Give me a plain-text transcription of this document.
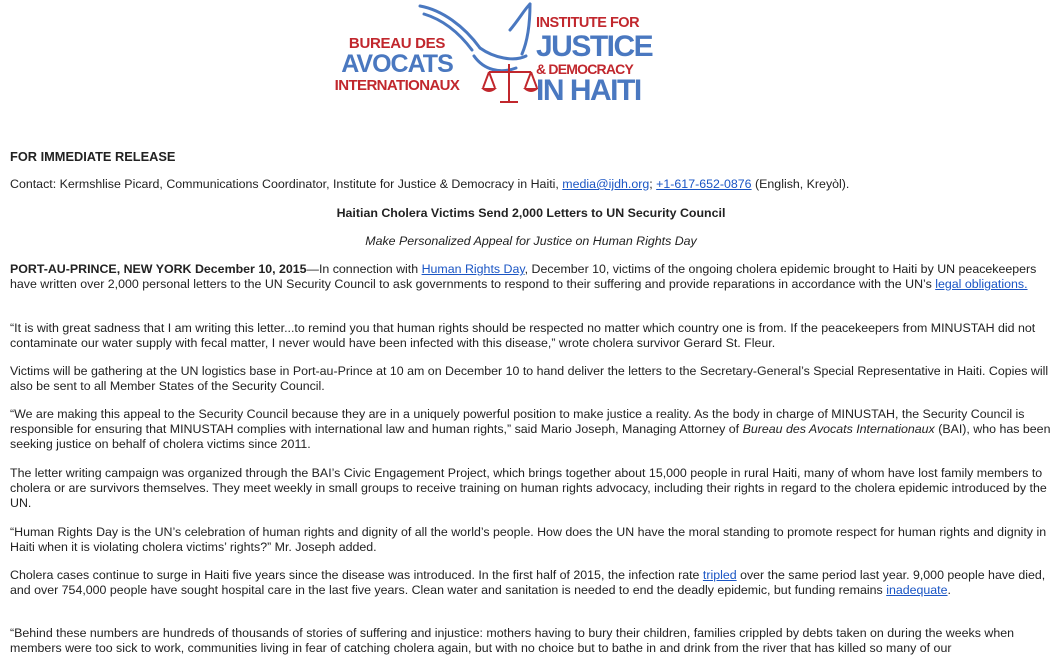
BUREAU DES
AVOCATS
INTERNATIONAUX
INSTITUTE FOR
JUSTICE
& DEMOCRACY
IN HAITI
FOR IMMEDIATE RELEASE
Contact: Kermshlise Picard, Communications Coordinator, Institute for Justice & Democracy in Haiti, media@ijdh.org; +1-617-652-0876 (English, Kreyòl).
Haitian Cholera Victims Send 2,000 Letters to UN Security Council
Make Personalized Appeal for Justice on Human Rights Day

PORT-AU-PRINCE, NEW YORK December 10, 2015—In connection with Human Rights Day, December 10, victims of the ongoing cholera epidemic brought to Haiti by UN peacekeepers have written over 2,000 personal letters to the UN Security Council to ask governments to respond to their suffering and provide reparations in accordance with the UN’s legal obligations.

“It is with great sadness that I am writing this letter...to remind you that human rights should be respected no matter which country one is from. If the peacekeepers from MINUSTAH did not contaminate our water supply with fecal matter, I never would have been infected with this disease,” wrote cholera survivor Gerard St. Fleur.

Victims will be gathering at the UN logistics base in Port-au-Prince at 10 am on December 10 to hand deliver the letters to the Secretary-General’s Special Representative in Haiti. Copies will also be sent to all Member States of the Security Council.

“We are making this appeal to the Security Council because they are in a uniquely powerful position to make justice a reality. As the body in charge of MINUSTAH, the Security Council is responsible for ensuring that MINUSTAH complies with international law and human rights,” said Mario Joseph, Managing Attorney of Bureau des Avocats Internationaux (BAI), who has been seeking justice on behalf of cholera victims since 2011.

The letter writing campaign was organized through the BAI’s Civic Engagement Project, which brings together about 15,000 people in rural Haiti, many of whom have lost family members to cholera or are survivors themselves. They meet weekly in small groups to receive training on human rights advocacy, including their rights in regard to the cholera epidemic introduced by the UN.

“Human Rights Day is the UN’s celebration of human rights and dignity of all the world’s people. How does the UN have the moral standing to promote respect for human rights and dignity in Haiti when it is violating cholera victims’ rights?” Mr. Joseph added.

Cholera cases continue to surge in Haiti five years since the disease was introduced. In the first half of 2015, the infection rate tripled over the same period last year. 9,000 people have died, and over 754,000 people have sought hospital care in the last five years. Clean water and sanitation is needed to end the deadly epidemic, but funding remains inadequate.

“Behind these numbers are hundreds of thousands of stories of suffering and injustice: mothers having to bury their children, families crippled by debts taken on during the weeks when members were too sick to work, communities living in fear of catching cholera again, but with no choice but to bathe in and drink from the river that has killed so many of our
